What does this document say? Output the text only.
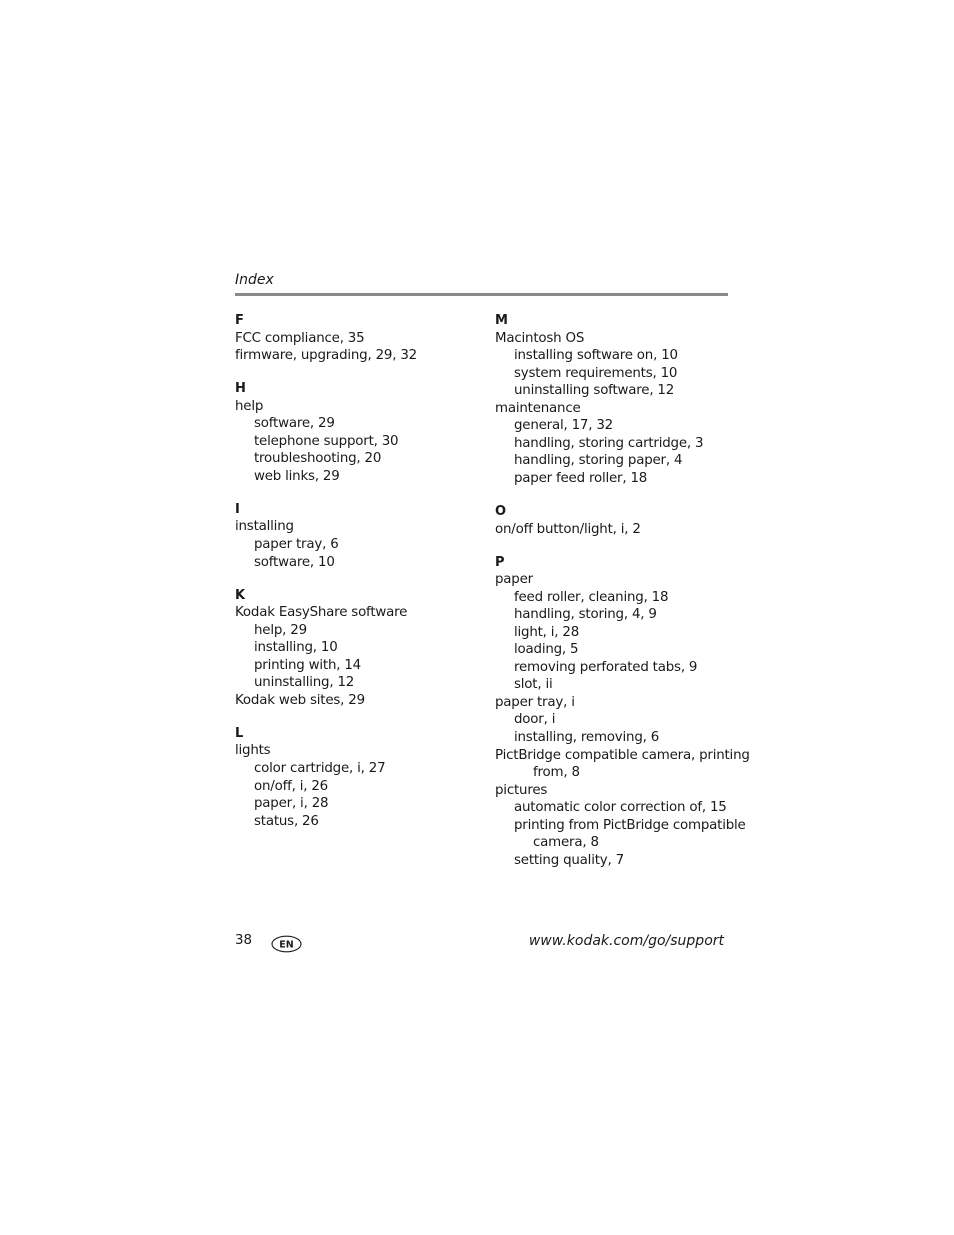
Index
F
FCC compliance, 35
firmware, upgrading, 29, 32
H
help
software, 29
telephone support, 30
troubleshooting, 20
web links, 29
I
installing
paper tray, 6
software, 10
K
Kodak EasyShare software
help, 29
installing, 10
printing with, 14
uninstalling, 12
Kodak web sites, 29
L
lights
color cartridge, i, 27
on/off, i, 26
paper, i, 28
status, 26
M
Macintosh OS
installing software on, 10
system requirements, 10
uninstalling software, 12
maintenance
general, 17, 32
handling, storing cartridge, 3
handling, storing paper, 4
paper feed roller, 18
O
on/off button/light, i, 2
P
paper
feed roller, cleaning, 18
handling, storing, 4, 9
light, i, 28
loading, 5
removing perforated tabs, 9
slot, ii
paper tray, i
door, i
installing, removing, 6
PictBridge compatible camera, printing
from, 8
pictures
automatic color correction of, 15
printing from PictBridge compatible
camera, 8
setting quality, 7
38	EN	www.kodak.com/go/support
